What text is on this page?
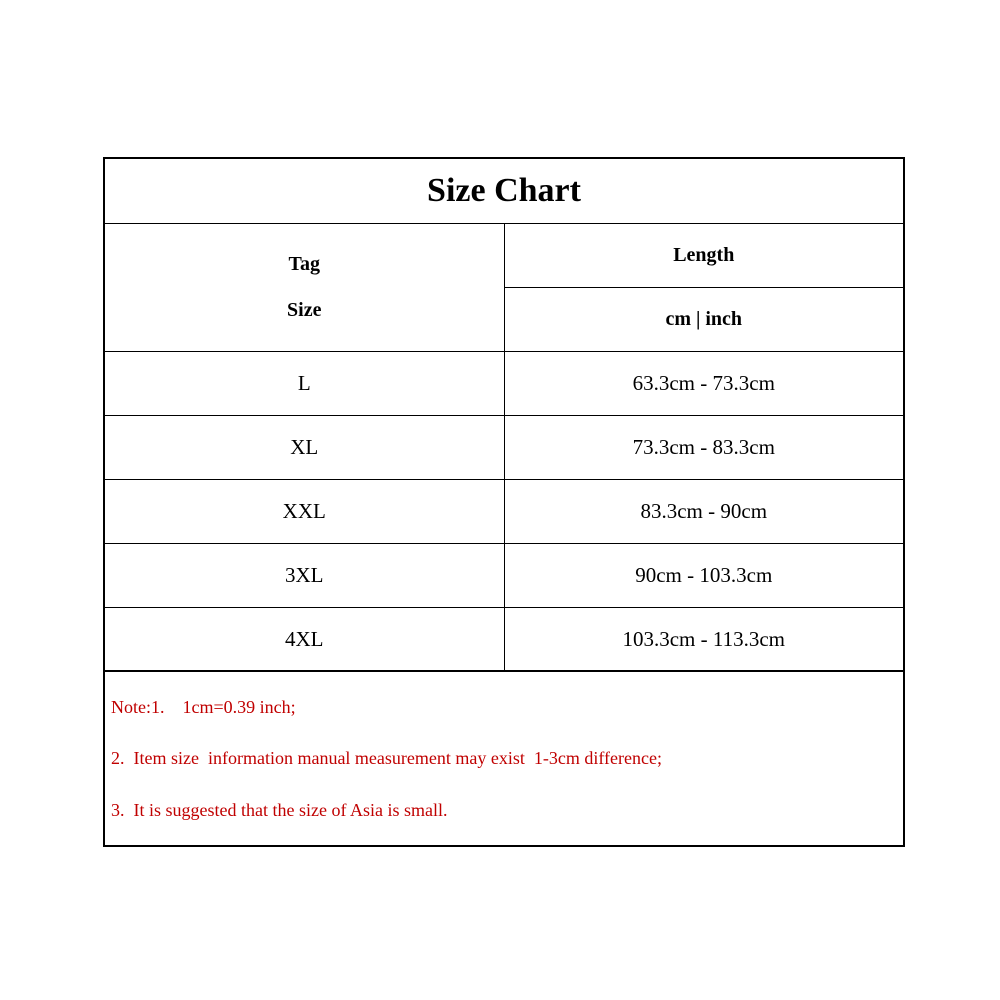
Size Chart	

Tag
Size	Length
	cm | inch
L	63.3cm - 73.3cm
XL	73.3cm - 83.3cm
XXL	83.3cm - 90cm
3XL	90cm - 103.3cm
4XL	103.3cm - 113.3cm
Note:1.    1cm=0.39 inch;
2.  Item size  information manual measurement may exist  1-3cm difference;
3.  It is suggested that the size of Asia is small.
